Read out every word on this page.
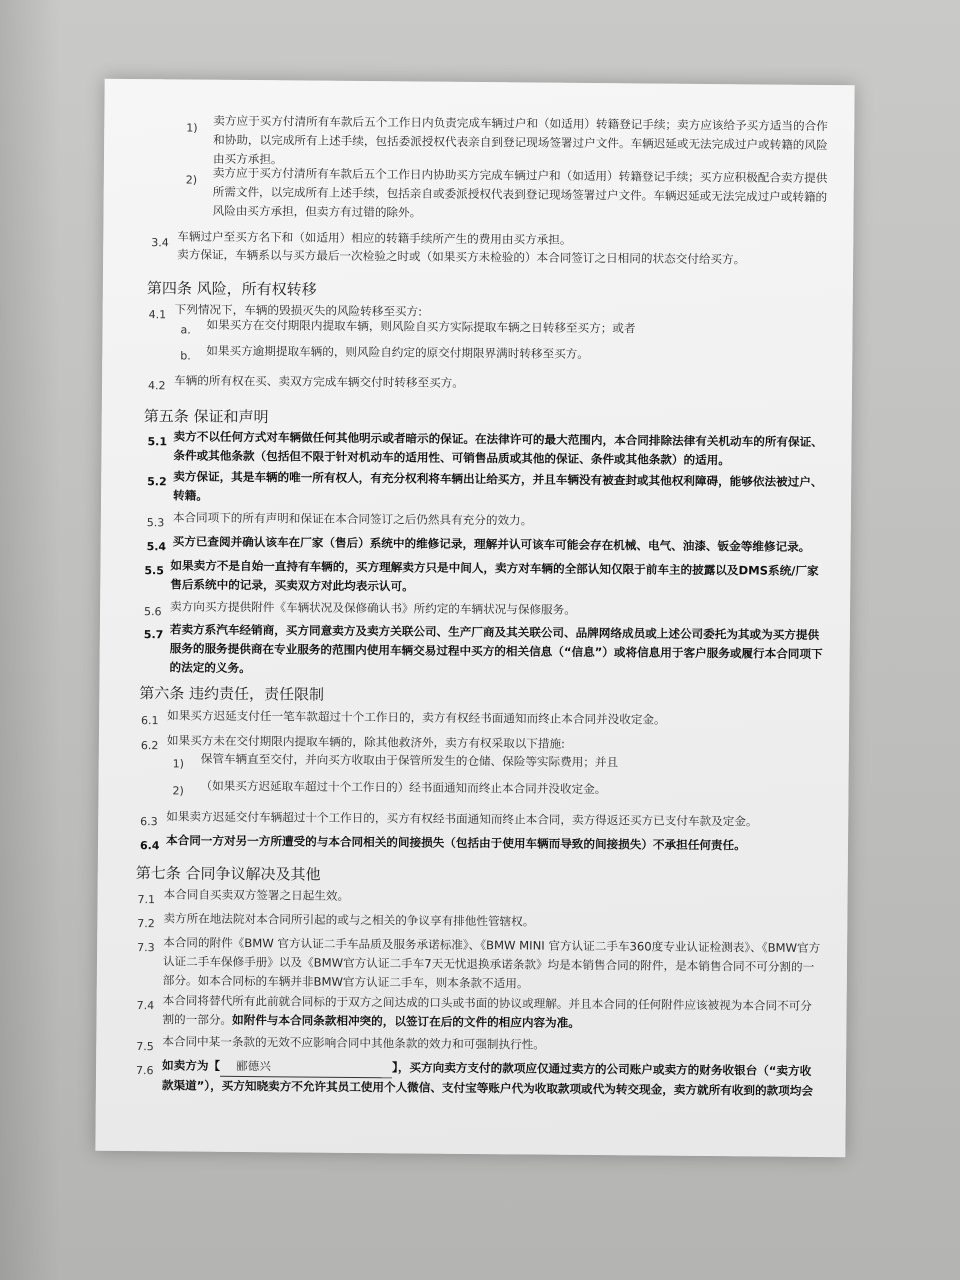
1) 卖方应于买方付清所有车款后五个工作日内负责完成车辆过户和（如适用）转籍登记手续；卖方应该给予买方适当的合作和协助，以完成所有上述手续，包括委派授权代表亲自到登记现场签署过户文件。车辆迟延或无法完成过户或转籍的风险由买方承担。
2) 卖方应于买方付清所有车款后五个工作日内协助买方完成车辆过户和（如适用）转籍登记手续；买方应积极配合卖方提供所需文件，以完成所有上述手续，包括亲自或委派授权代表到登记现场签署过户文件。车辆迟延或无法完成过户或转籍的风险由买方承担，但卖方有过错的除外。
3.4 车辆过户至买方名下和（如适用）相应的转籍手续所产生的费用由买方承担。
卖方保证，车辆系以与买方最后一次检验之时或（如果买方未检验的）本合同签订之日相同的状态交付给买方。
第四条 风险，所有权转移
4.1 下列情况下，车辆的毁损灭失的风险转移至买方:
a. 如果买方在交付期限内提取车辆，则风险自买方实际提取车辆之日转移至买方；或者
b. 如果买方逾期提取车辆的，则风险自约定的原交付期限界满时转移至买方。
4.2 车辆的所有权在买、卖双方完成车辆交付时转移至买方。
第五条 保证和声明
5.1 卖方不以任何方式对车辆做任何其他明示或者暗示的保证。在法律许可的最大范围内，本合同排除法律有关机动车的所有保证、条件或其他条款（包括但不限于针对机动车的适用性、可销售品质或其他的保证、条件或其他条款）的适用。
5.2 卖方保证，其是车辆的唯一所有权人，有充分权利将车辆出让给买方，并且车辆没有被查封或其他权利障碍，能够依法被过户、转籍。
5.3 本合同项下的所有声明和保证在本合同签订之后仍然具有充分的效力。
5.4 买方已查阅并确认该车在厂家（售后）系统中的维修记录，理解并认可该车可能会存在机械、电气、油漆、钣金等维修记录。
5.5 如果卖方不是自始一直持有车辆的，买方理解卖方只是中间人，卖方对车辆的全部认知仅限于前车主的披露以及DMS系统/厂家售后系统中的记录，买卖双方对此均表示认可。
5.6 卖方向买方提供附件《车辆状况及保修确认书》所约定的车辆状况与保修服务。
5.7 若卖方系汽车经销商，买方同意卖方及卖方关联公司、生产厂商及其关联公司、品牌网络成员或上述公司委托为其或为买方提供服务的服务提供商在专业服务的范围内使用车辆交易过程中买方的相关信息（“信息”）或将信息用于客户服务或履行本合同项下的法定的义务。
第六条 违约责任，责任限制
6.1 如果买方迟延支付任一笔车款超过十个工作日的，卖方有权经书面通知而终止本合同并没收定金。
6.2 如果买方未在交付期限内提取车辆的，除其他救济外，卖方有权采取以下措施:
1) 保管车辆直至交付，并向买方收取由于保管所发生的仓储、保险等实际费用；并且
2) （如果买方迟延取车超过十个工作日的）经书面通知而终止本合同并没收定金。
6.3 如果卖方迟延交付车辆超过十个工作日的，买方有权经书面通知而终止本合同，卖方得返还买方已支付车款及定金。
6.4 本合同一方对另一方所遭受的与本合同相关的间接损失（包括由于使用车辆而导致的间接损失）不承担任何责任。
第七条 合同争议解决及其他
7.1 本合同自买卖双方签署之日起生效。
7.2 卖方所在地法院对本合同所引起的或与之相关的争议享有排他性管辖权。
7.3 本合同的附件《BMW 官方认证二手车品质及服务承诺标准》、《BMW MINI 官方认证二手车360度专业认证检测表》、《BMW官方认证二手车保修手册》以及《BMW官方认证二手车7天无忧退换承诺条款》均是本销售合同的附件，是本销售合同不可分割的一部分。如本合同标的车辆并非BMW官方认证二手车，则本条款不适用。
7.4 本合同将替代所有此前就合同标的于双方之间达成的口头或书面的协议或理解。并且本合同的任何附件应该被视为本合同不可分割的一部分。如附件与本合同条款相冲突的，以签订在后的文件的相应内容为准。
7.5 本合同中某一条款的无效不应影响合同中其他条款的效力和可强制执行性。
7.6 如卖方为【 郦德兴	】，买方向卖方支付的款项应仅通过卖方的公司账户或卖方的财务收银台（“卖方收款渠道”），买方知晓卖方不允许其员工使用个人微信、支付宝等账户代为收取款项或代为转交现金，卖方就所有收到的款项均会
